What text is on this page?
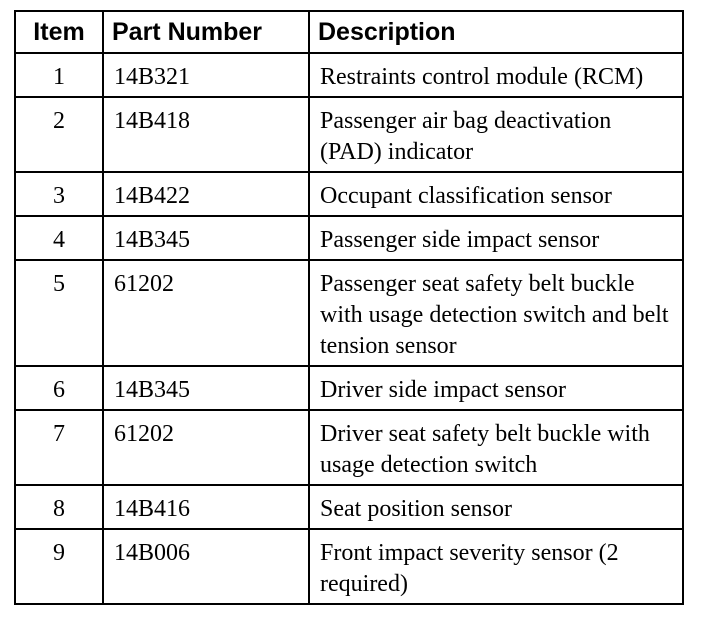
Item	Part Number	Description
1	14B321	Restraints control module (RCM)
2	14B418	Passenger air bag deactivation (PAD) indicator
3	14B422	Occupant classification sensor
4	14B345	Passenger side impact sensor
5	61202	Passenger seat safety belt buckle with usage detection switch and belt tension sensor
6	14B345	Driver side impact sensor
7	61202	Driver seat safety belt buckle with usage detection switch
8	14B416	Seat position sensor
9	14B006	Front impact severity sensor (2 required)
